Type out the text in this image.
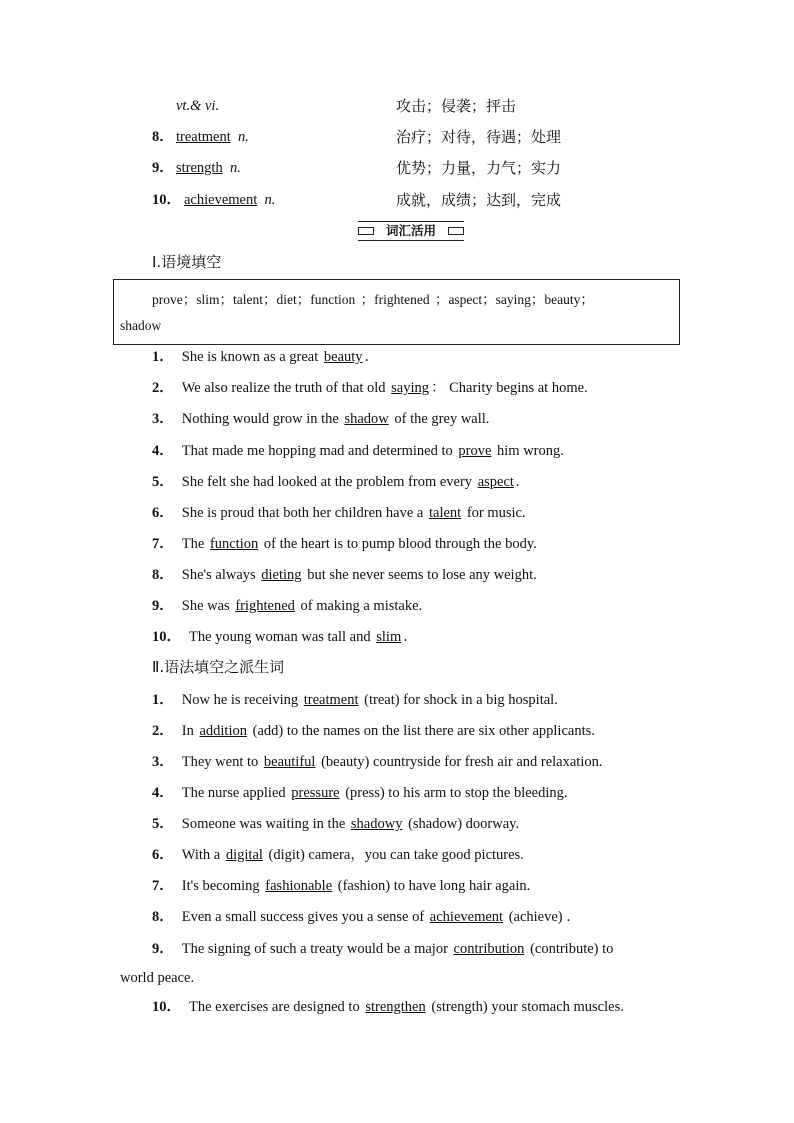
vt.& vi.	攻击；侵袭；抨击
8． treatment n.	治疗；对待，待遇；处理
9． strength n.	优势；力量，力气；实力
10． achievement n.	成就，成绩；达到，完成
词汇活用
Ⅰ.语境填空
prove；slim；talent；diet；function ；frightened ；aspect；saying；beauty；
shadow
1． She is known as a great beauty ．
2． We also realize the truth of that old saying ： Charity begins at home.
3． Nothing would grow in the shadow of the grey wall.
4． That made me hopping mad and determined to prove him wrong.
5． She felt she had looked at the problem from every aspect .
6． She is proud that both her children have a talent for music.
7． The function of the heart is to pump blood through the body.
8． She's always dieting but she never seems to lose any weight.
9． She was frightened of making a mistake.
10． The young woman was tall and slim ．
Ⅱ.语法填空之派生词
1． Now he is receiving treatment (treat) for shock in a big hospital.
2． In addition (add) to the names on the list there are six other applicants.
3． They went to beautiful (beauty) countryside for fresh air and relaxation.
4． The nurse applied pressure (press) to his arm to stop the bleeding.
5． Someone was waiting in the shadowy (shadow) doorway.
6． With a digital (digit) camera，you can take good pictures.
7． It's becoming fashionable (fashion) to have long hair again.
8． Even a small success gives you a sense of achievement (achieve) ．
9． The signing of such a treaty would be a major contribution (contribute) to
world peace.
10． The exercises are designed to strengthen (strength) your stomach muscles.
